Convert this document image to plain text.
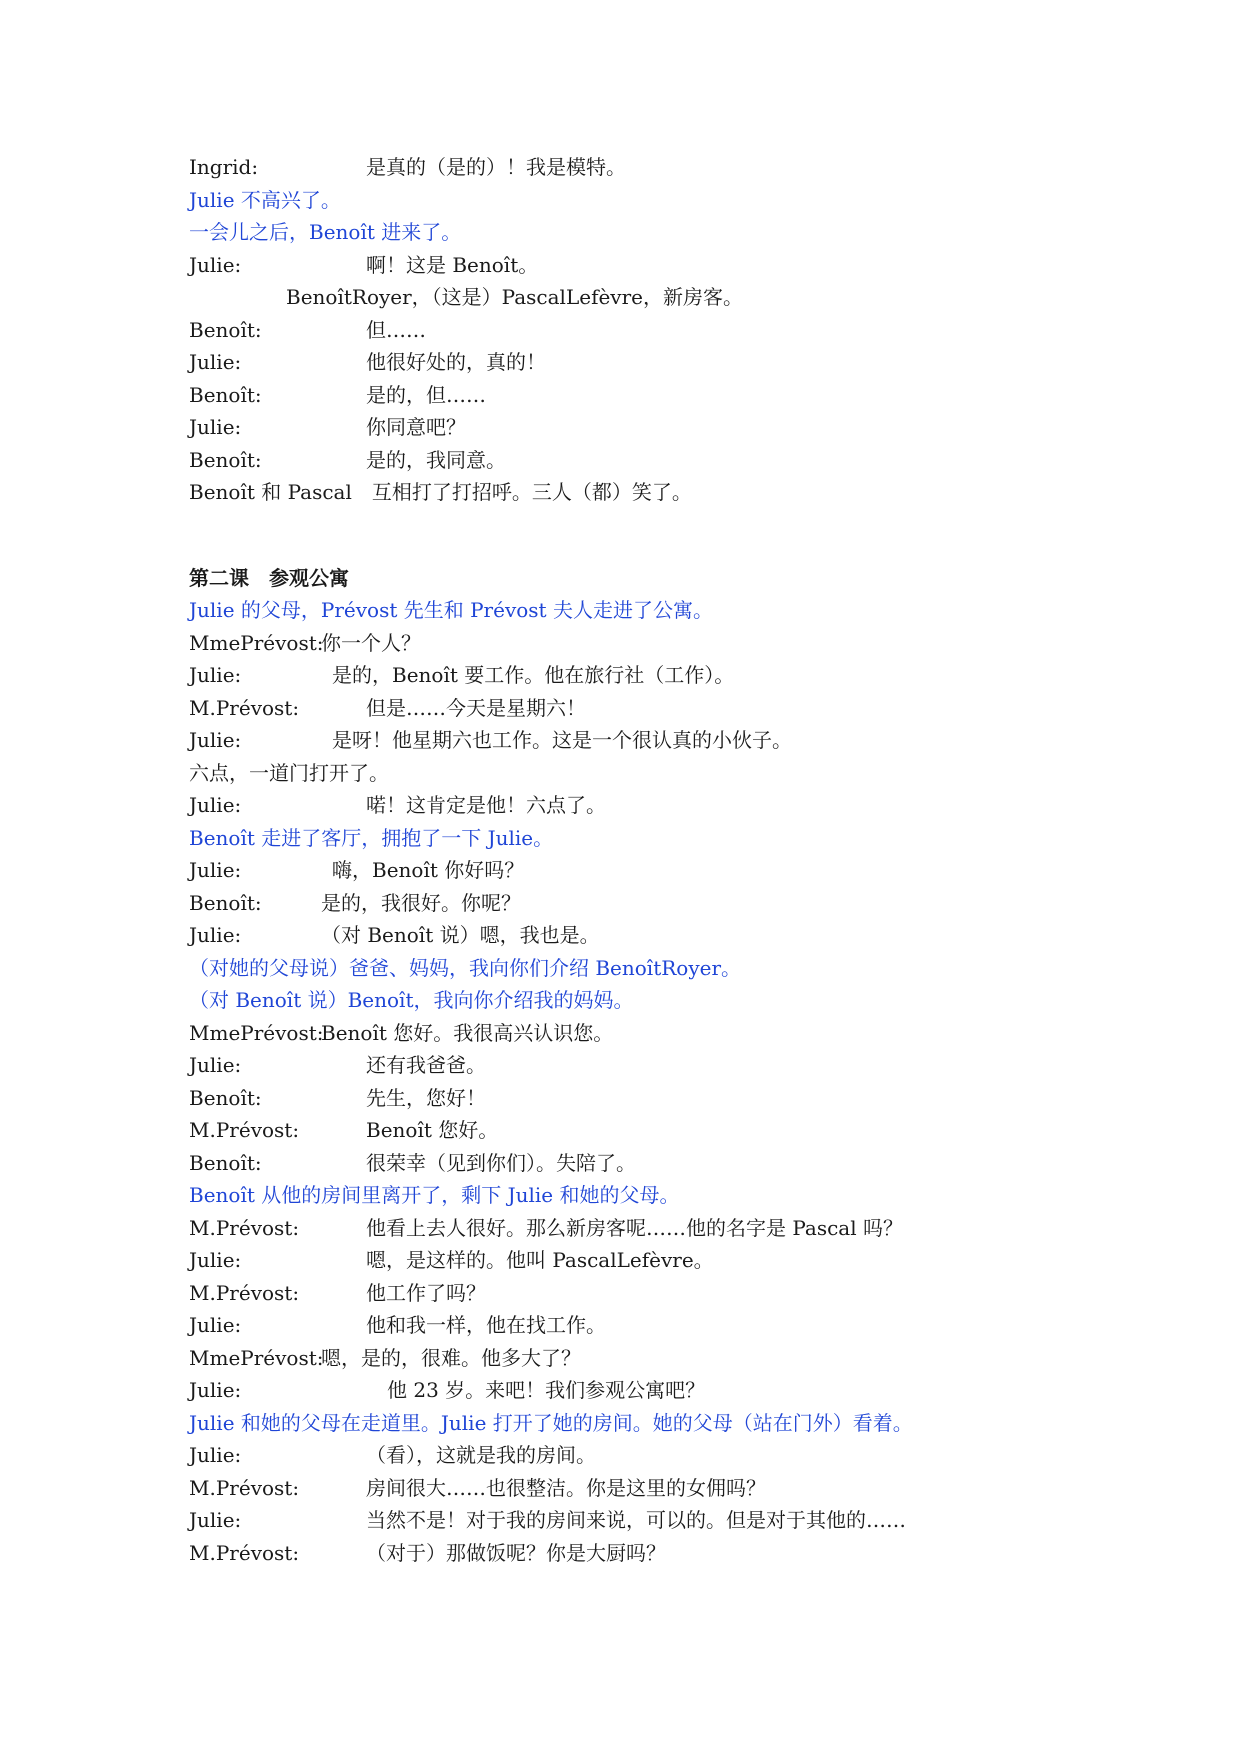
Ingrid:	是真的（是的）！我是模特。
Julie 不高兴了。
一会儿之后，Benoît 进来了。
Julie:	啊！这是 Benoît。
BenoîtRoyer，（这是）PascalLefèvre，新房客。
Benoît:	但……
Julie:	他很好处的，真的！
Benoît:	是的，但……
Julie:	你同意吧？
Benoît:	是的，我同意。
Benoît 和 Pascal　互相打了打招呼。三人（都）笑了。
第二课　参观公寓
Julie 的父母，Prévost 先生和 Prévost 夫人走进了公寓。
MmePrévost:你一个人？
Julie:	是的，Benoît 要工作。他在旅行社（工作）。
M.Prévost:	但是……今天是星期六！
Julie:	是呀！他星期六也工作。这是一个很认真的小伙子。
六点，一道门打开了。
Julie:	喏！这肯定是他！六点了。
Benoît 走进了客厅，拥抱了一下 Julie。
Julie:	嗨，Benoît 你好吗？
Benoît:	是的，我很好。你呢？
Julie:	（对 Benoît 说）嗯，我也是。
（对她的父母说）爸爸、妈妈，我向你们介绍 BenoîtRoyer。
（对 Benoît 说）Benoît，我向你介绍我的妈妈。
MmePrévost:Benoît 您好。我很高兴认识您。
Julie:	还有我爸爸。
Benoît:	先生，您好！
M.Prévost:	Benoît 您好。
Benoît:	很荣幸（见到你们）。失陪了。
Benoît 从他的房间里离开了，剩下 Julie 和她的父母。
M.Prévost:	他看上去人很好。那么新房客呢……他的名字是 Pascal 吗？
Julie:	嗯，是这样的。他叫 PascalLefèvre。
M.Prévost:	他工作了吗？
Julie:	他和我一样，他在找工作。
MmePrévost:嗯，是的，很难。他多大了？
Julie:	他 23 岁。来吧！我们参观公寓吧？
Julie 和她的父母在走道里。Julie 打开了她的房间。她的父母（站在门外）看着。
Julie:	（看），这就是我的房间。
M.Prévost:	房间很大……也很整洁。你是这里的女佣吗？
Julie:	当然不是！对于我的房间来说，可以的。但是对于其他的……
M.Prévost:	（对于）那做饭呢？你是大厨吗？
